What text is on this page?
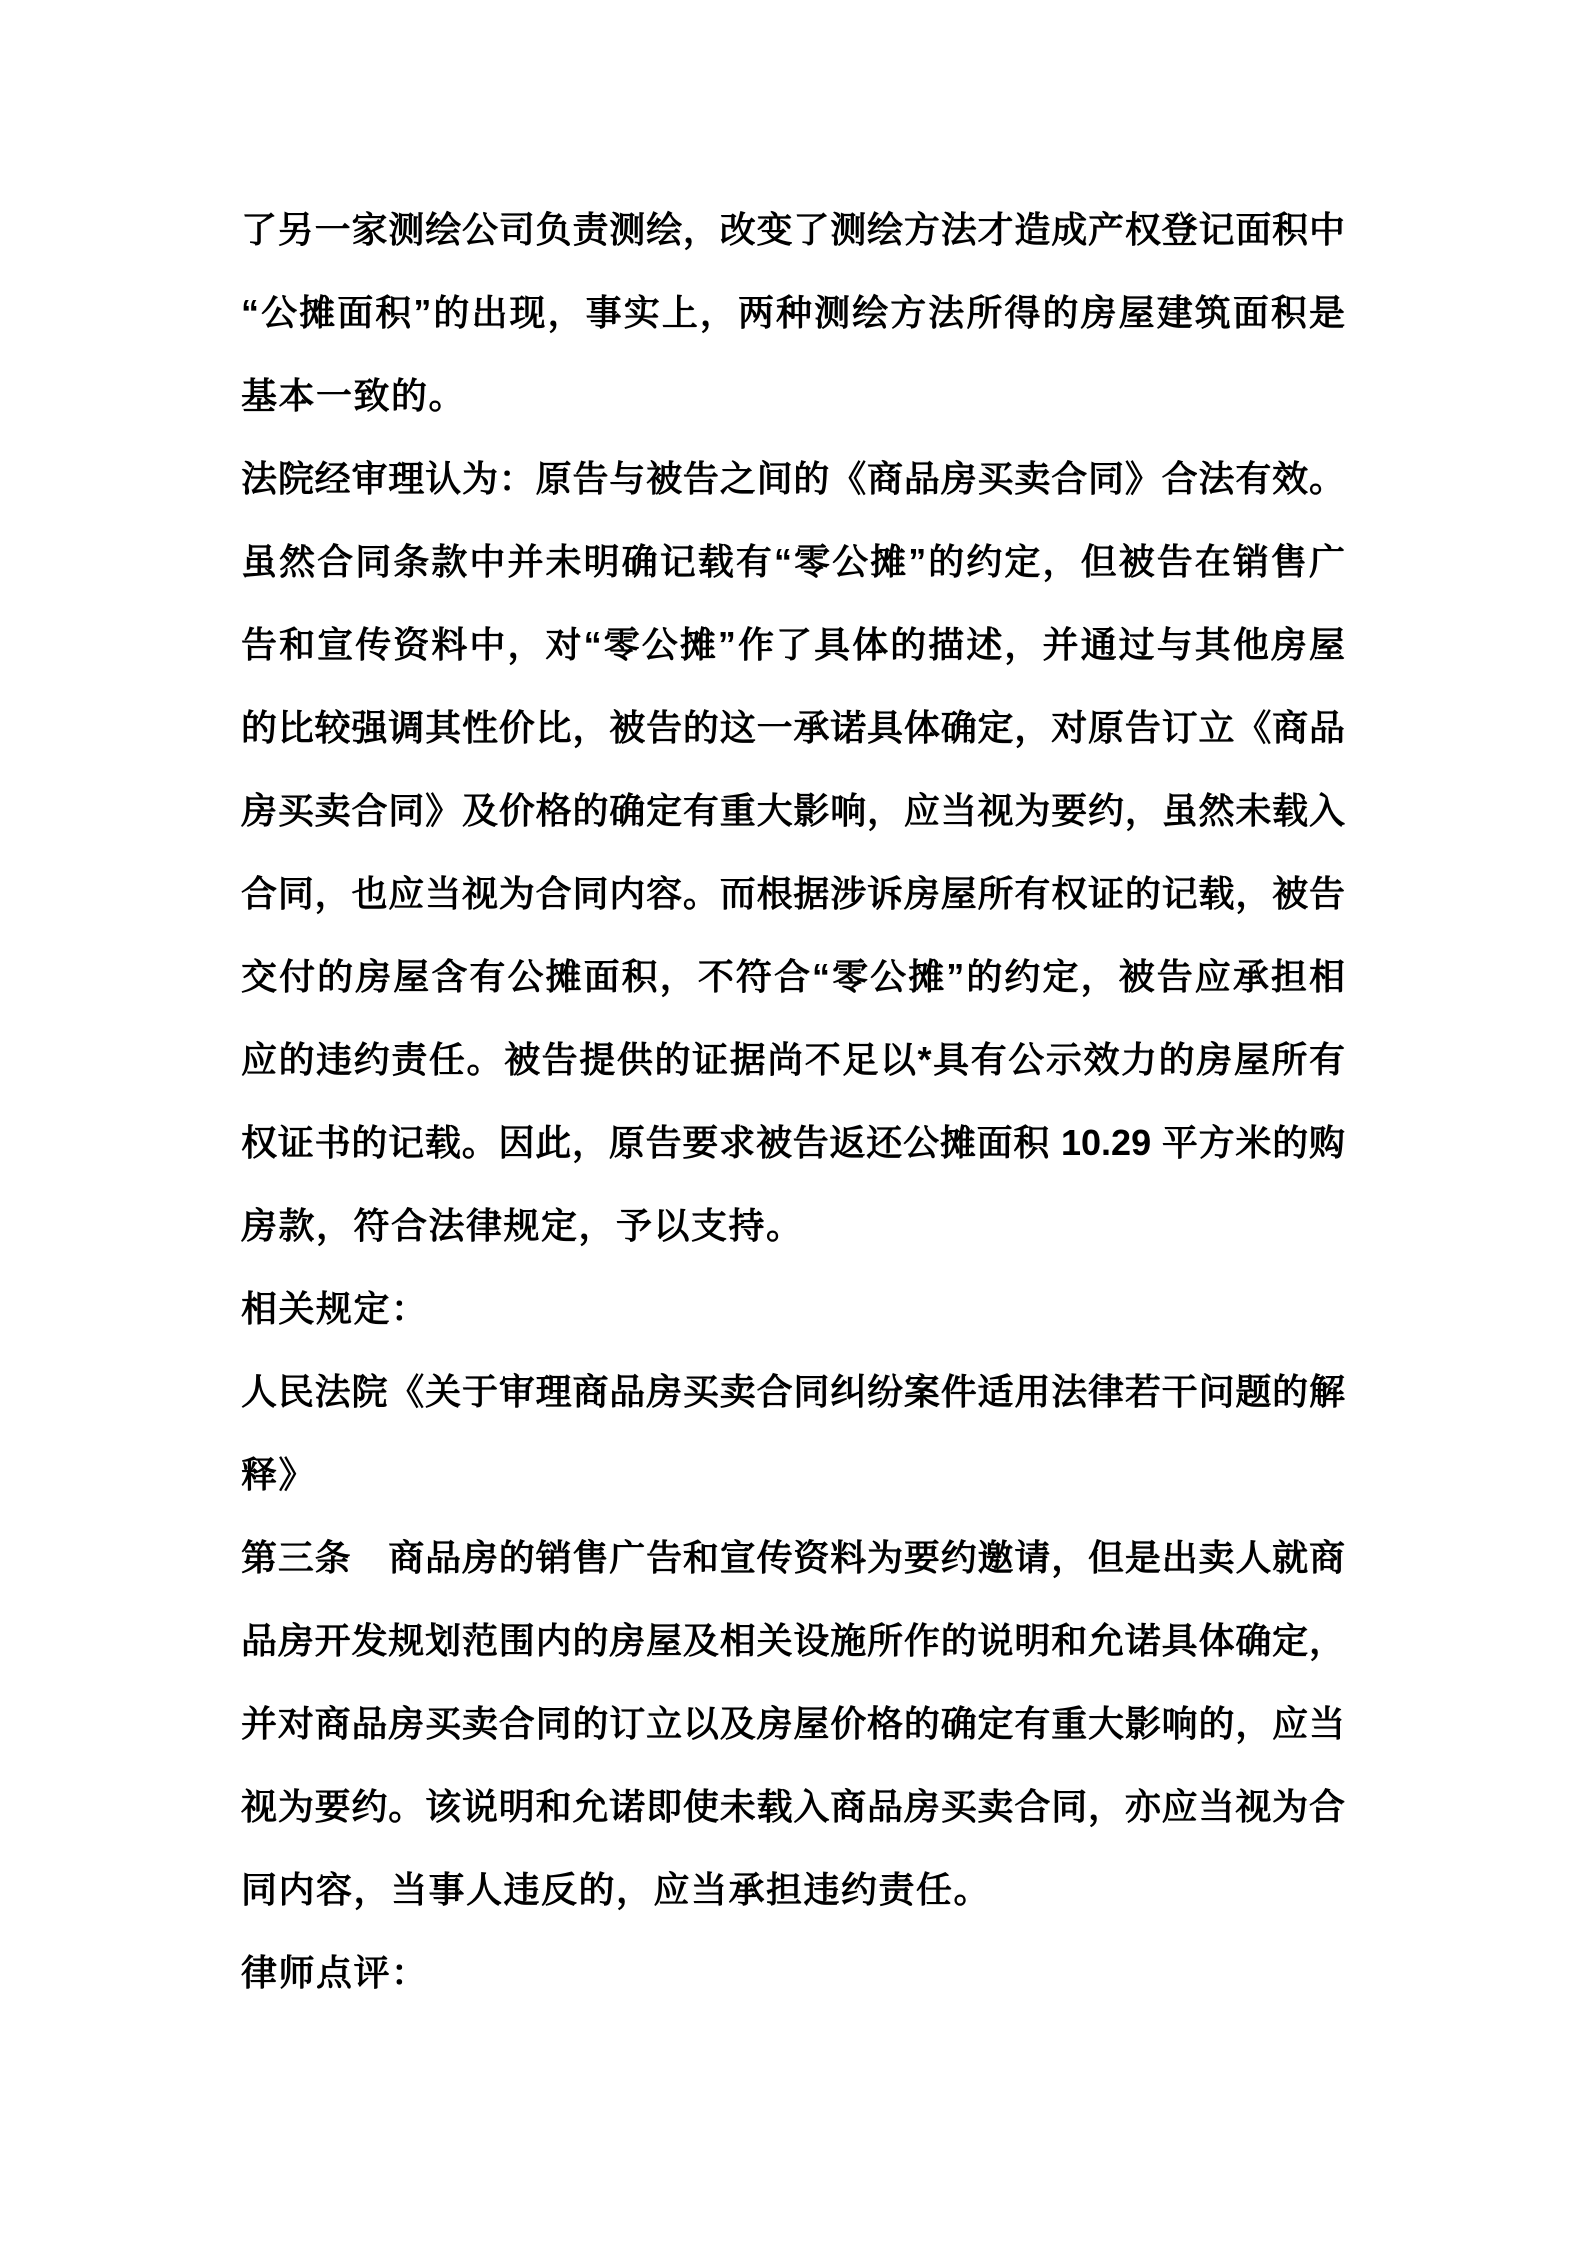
了另一家测绘公司负责测绘，改变了测绘方法才造成产权登记面积中
“公摊面积”的出现，事实上，两种测绘方法所得的房屋建筑面积是
基本一致的。
法院经审理认为：原告与被告之间的《商品房买卖合同》合法有效。
虽然合同条款中并未明确记载有“零公摊”的约定，但被告在销售广
告和宣传资料中，对“零公摊”作了具体的描述，并通过与其他房屋
的比较强调其性价比，被告的这一承诺具体确定，对原告订立《商品
房买卖合同》及价格的确定有重大影响，应当视为要约，虽然未载入
合同，也应当视为合同内容。而根据涉诉房屋所有权证的记载，被告
交付的房屋含有公摊面积，不符合“零公摊”的约定，被告应承担相
应的违约责任。被告提供的证据尚不足以*具有公示效力的房屋所有
权证书的记载。因此，原告要求被告返还公摊面积 10.29 平方米的购
房款，符合法律规定，予以支持。
相关规定：
人民法院《关于审理商品房买卖合同纠纷案件适用法律若干问题的解
释》
第三条　商品房的销售广告和宣传资料为要约邀请，但是出卖人就商
品房开发规划范围内的房屋及相关设施所作的说明和允诺具体确定，
并对商品房买卖合同的订立以及房屋价格的确定有重大影响的，应当
视为要约。该说明和允诺即使未载入商品房买卖合同，亦应当视为合
同内容，当事人违反的，应当承担违约责任。
律师点评：
